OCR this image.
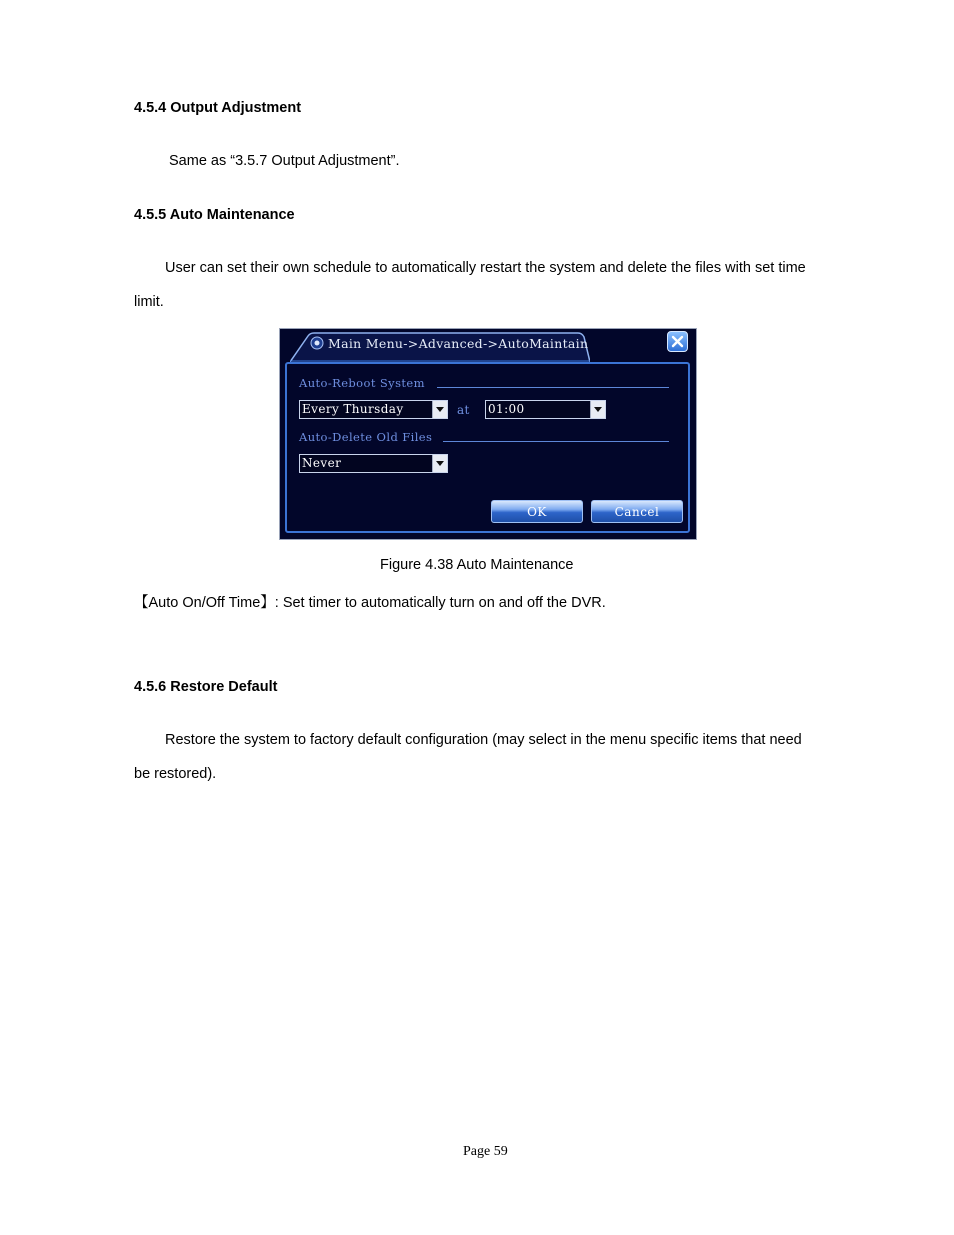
4.5.4 Output Adjustment
Same as “3.5.7 Output Adjustment”.
4.5.5 Auto Maintenance
User can set their own schedule to automatically restart the system and delete the files with set time
limit.
Main Menu->Advanced->AutoMaintain
Auto-Reboot System
Every Thursday	at 01:00
Auto-Delete Old Files
Never
OK	Cancel
Figure 4.38 Auto Maintenance
【Auto On/Off Time】: Set timer to automatically turn on and off the DVR.
4.5.6 Restore Default
Restore the system to factory default configuration (may select in the menu specific items that need
be restored).
Page 59
